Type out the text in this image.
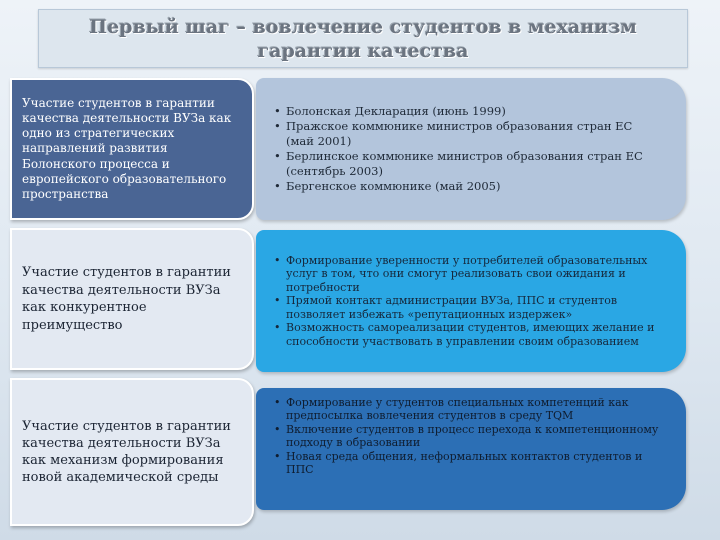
Первый шаг – вовлечение студентов в механизм гарантии качества
Участие студентов в гарантии качества деятельности ВУЗа как одно из стратегических направлений развития Болонского процесса и европейского образовательного пространства
• Болонская Декларация (июнь 1999)
• Пражское коммюнике министров образования стран ЕС (май 2001)
• Берлинское коммюнике министров образования стран ЕС (сентябрь 2003)
• Бергенское коммюнике (май 2005)
Участие студентов в гарантии качества деятельности ВУЗа как конкурентное преимущество
• Формирование уверенности у потребителей образовательных услуг в том, что они смогут реализовать свои ожидания и потребности
• Прямой контакт администрации ВУЗа, ППС и студентов позволяет избежать «репутационных издержек»
• Возможность самореализации студентов, имеющих желание и способности участвовать в управлении своим образованием
Участие студентов в гарантии качества деятельности ВУЗа как механизм формирования новой академической среды
• Формирование у студентов специальных компетенций как предпосылка вовлечения студентов в среду TQM
• Включение студентов в процесс перехода к компетенционному подходу в образовании
• Новая среда общения, неформальных контактов студентов и ППС
